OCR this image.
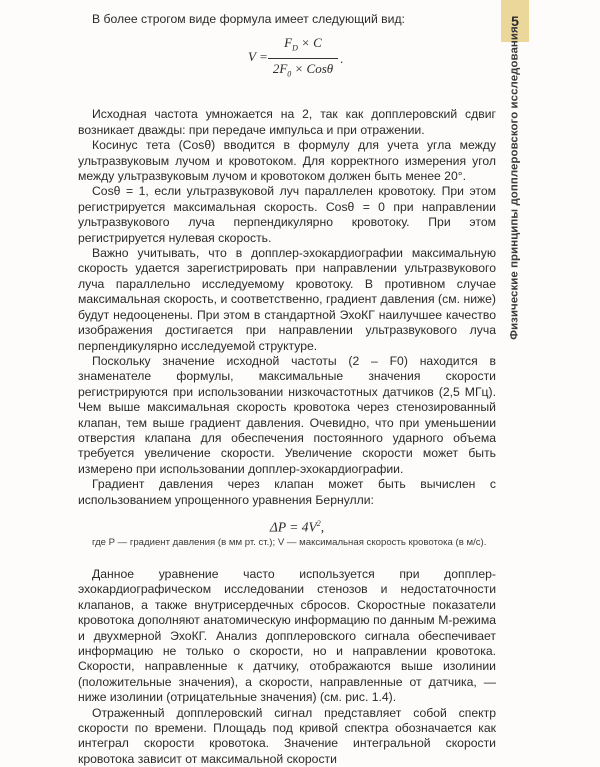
В более строгом виде формула имеет следующий вид:

V =
$F_D \times C$
$2F_0 \times Cos\theta$
.

Исходная частота умножается на 2, так как допплеровский сдвиг возникает дважды: при передаче импульса и при отражении.

Косинус тета (Cosθ) вводится в формулу для учета угла между ультразвуковым лучом и кровотоком. Для корректного измерения угол между ультразвуковым лучом и кровотоком должен быть менее 20°.

Cosθ = 1, если ультразвуковой луч параллелен кровотоку. При этом регистрируется максимальная скорость. Cosθ = 0 при направлении ультразвукового луча перпендикулярно кровотоку. При этом регистрируется нулевая скорость.

Важно учитывать, что в допплер-эхокардиографии максимальную скорость удается зарегистрировать при направлении ультразвукового луча параллельно исследуемому кровотоку. В противном случае максимальная скорость, и соответственно, градиент давления (см. ниже) будут недооценены. При этом в стандартной ЭхоКГ наилучшее качество изображения достигается при направлении ультразвукового луча перпендикулярно исследуемой структуре.

Поскольку значение исходной частоты (2 – F0) находится в знаменателе формулы, максимальные значения скорости регистрируются при использовании низкочастотных датчиков (2,5 МГц). Чем выше максимальная скорость кровотока через стенозированный клапан, тем выше градиент давления. Очевидно, что при уменьшении отверстия клапана для обеспечения постоянного ударного объема требуется увеличение скорости. Увеличение скорости может быть измерено при использовании допплер-эхокардиографии.

Градиент давления через клапан может быть вычислен с использованием упрощенного уравнения Бернулли:

$\Delta P = 4V^2$,

где P — градиент давления (в мм рт. ст.); V — максимальная скорость кровотока (в м/с).

Данное уравнение часто используется при допплер-эхокардиографическом исследовании стенозов и недостаточности клапанов, а также внутрисердечных сбросов. Скоростные показатели кровотока дополняют анатомическую информацию по данным М-режима и двухмерной ЭхоКГ. Анализ допплеровского сигнала обеспечивает информацию не только о скорости, но и направлении кровотока. Скорости, направленные к датчику, отображаются выше изолинии (положительные значения), а скорости, направленные от датчика, — ниже изолинии (отрицательные значения) (см. рис. 1.4).

Отраженный допплеровский сигнал представляет собой спектр скорости по времени. Площадь под кривой спектра обозначается как интеграл скорости кровотока. Значение интегральной скорости кровотока зависит от максимальной скорости

5
Физические принципы допплеровского исследования
